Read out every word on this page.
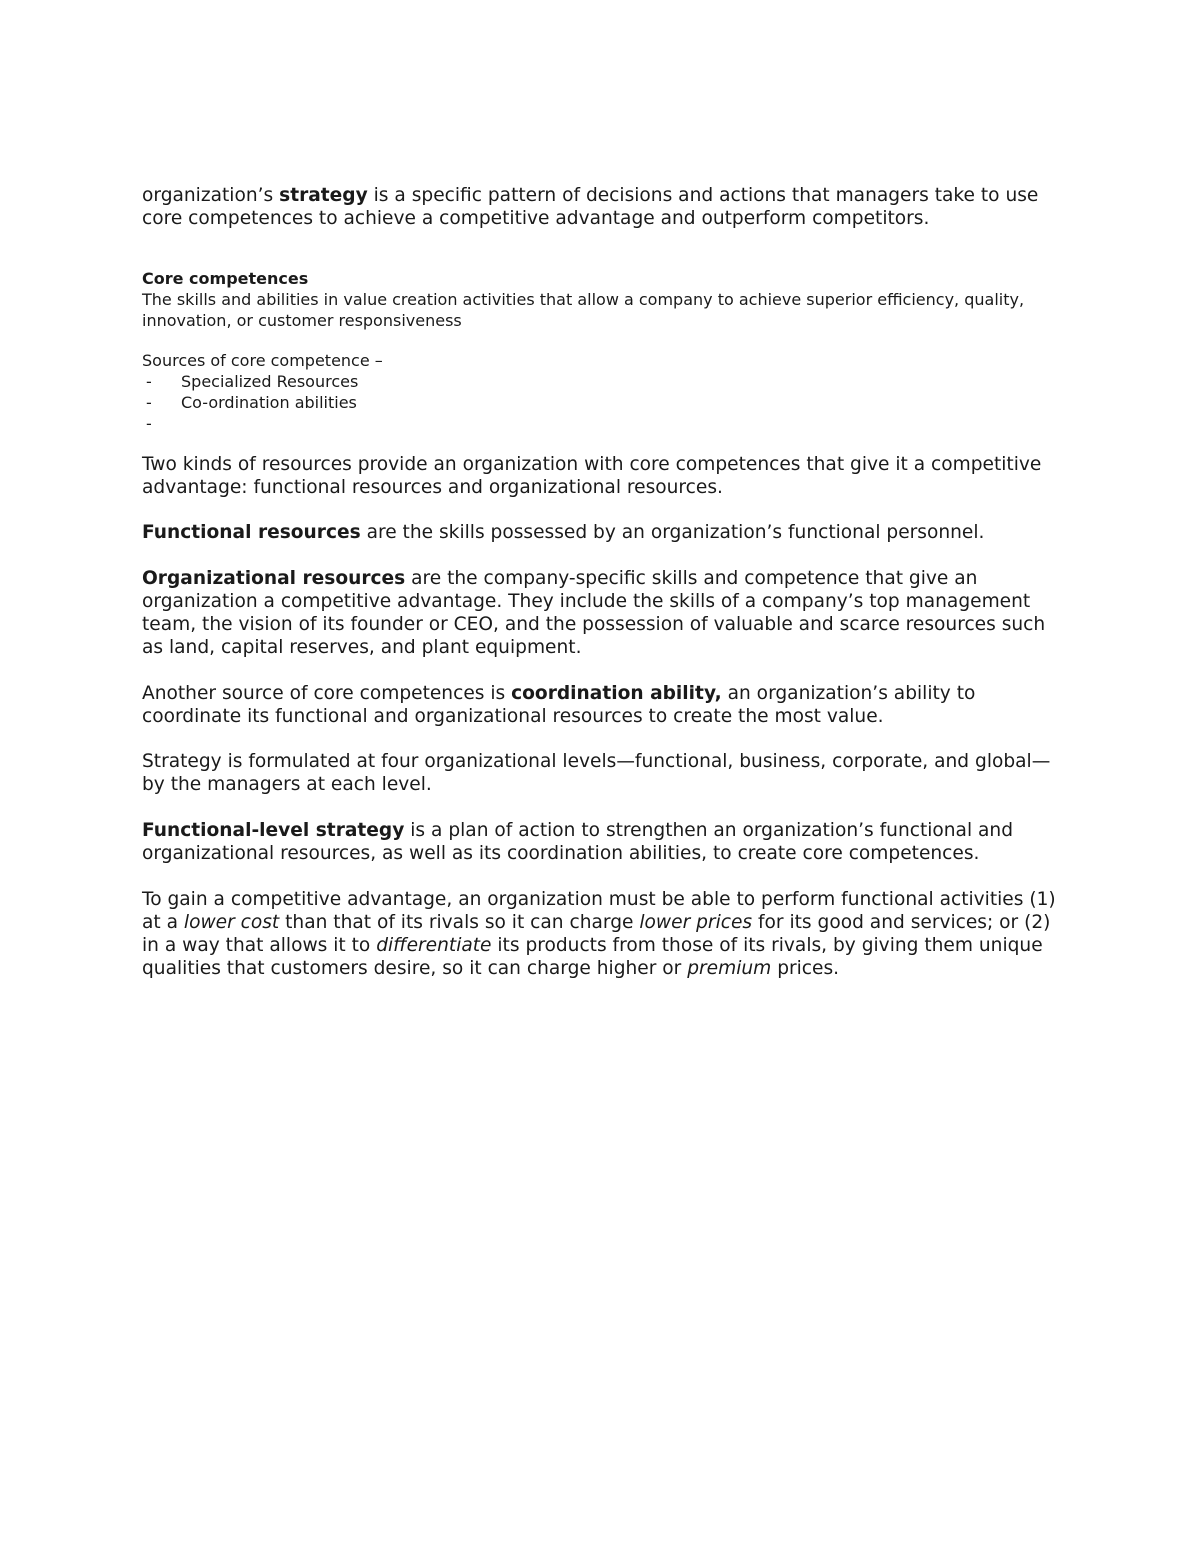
organization’s strategy is a specific pattern of decisions and actions that managers take to use core competences to achieve a competitive advantage and outperform competitors.

Core competences

The skills and abilities in value creation activities that allow a company to achieve superior efficiency, quality, innovation, or customer responsiveness

Sources of core competence –

- Specialized Resources
- Co-ordination abilities
-

Two kinds of resources provide an organization with core competences that give it a competitive advantage: functional resources and organizational resources.

Functional resources are the skills possessed by an organization’s functional personnel.

Organizational resources are the company-specific skills and competence that give an organization a competitive advantage. They include the skills of a company’s top management team, the vision of its founder or CEO, and the possession of valuable and scarce resources such as land, capital reserves, and plant equipment.

Another source of core competences is coordination ability, an organization’s ability to coordinate its functional and organizational resources to create the most value.

Strategy is formulated at four organizational levels—functional, business, corporate, and global—by the managers at each level.

Functional-level strategy is a plan of action to strengthen an organization’s functional and organizational resources, as well as its coordination abilities, to create core competences.

To gain a competitive advantage, an organization must be able to perform functional activities (1) at a lower cost than that of its rivals so it can charge lower prices for its good and services; or (2) in a way that allows it to differentiate its products from those of its rivals, by giving them unique qualities that customers desire, so it can charge higher or premium prices.
